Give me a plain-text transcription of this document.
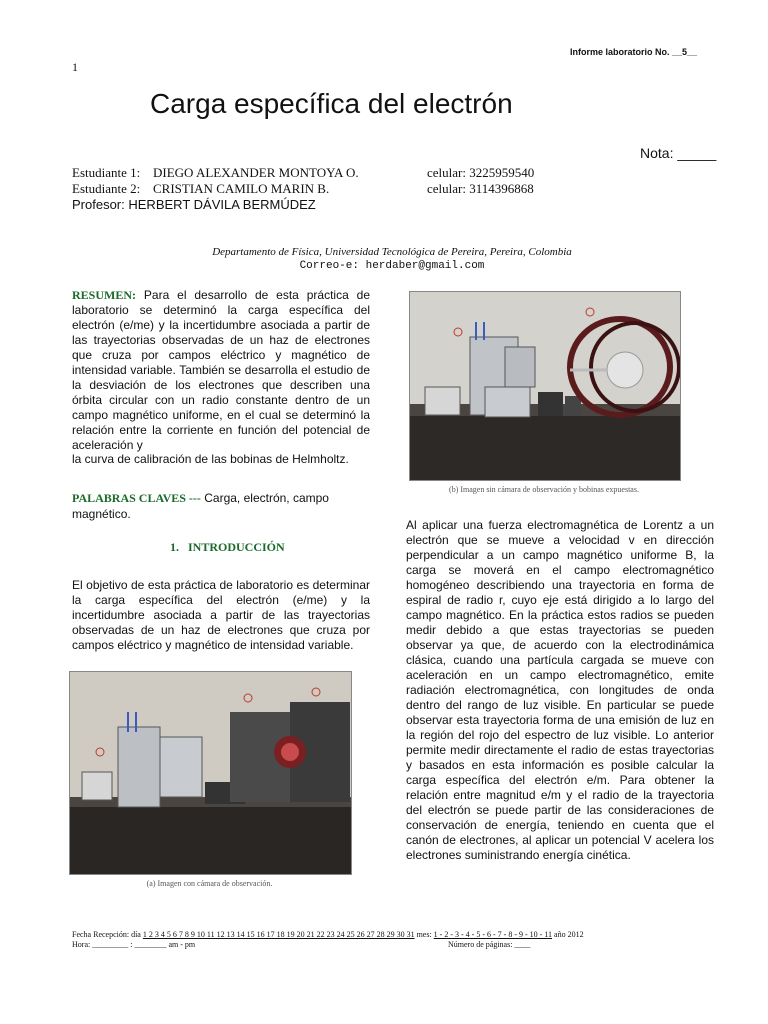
Informe laboratorio No. __5__
1
Carga específica del electrón
Nota: _____
Estudiante 1: DIEGO ALEXANDER MONTOYA O.	celular: 3225959540
Estudiante 2: CRISTIAN CAMILO MARIN B.	celular: 3114396868
Profesor: HERBERT DÁVILA BERMÚDEZ
Departamento de Física, Universidad Tecnológica de Pereira, Pereira, Colombia
Correo-e: herdaber@gmail.com
RESUMEN: Para el desarrollo de esta práctica de laboratorio se determinó la carga específica del electrón (e/me) y la incertidumbre asociada a partir de las trayectorias observadas de un haz de electrones que cruza por campos eléctrico y magnético de intensidad variable. También se desarrolla el estudio de la desviación de los electrones que describen una órbita circular con un radio constante dentro de un campo magnético uniforme, en el cual se determinó la relación entre la corriente en función del potencial de aceleración y
la curva de calibración de las bobinas de Helmholtz.
PALABRAS CLAVES --- Carga, electrón, campo magnético.
1. INTRODUCCIÓN
El objetivo de esta práctica de laboratorio es determinar la carga específica del electrón (e/me) y la incertidumbre asociada a partir de las trayectorias observadas de un haz de electrones que cruza por campos eléctrico y magnético de intensidad variable.
(a) Imagen con cámara de observación.
(b) Imagen sin cámara de observación y bobinas expuestas.
Al aplicar una fuerza electromagnética de Lorentz a un electrón que se mueve a velocidad v en dirección perpendicular a un campo magnético uniforme B, la carga se moverá en el campo electromagnético homogéneo describiendo una trayectoria en forma de espiral de radio r, cuyo eje está dirigido a lo largo del campo magnético. En la práctica estos radios se pueden medir debido a que estas trayectorias se pueden observar ya que, de acuerdo con la electrodinámica clásica, cuando una partícula cargada se mueve con aceleración en un campo electromagnético, emite radiación electromagnética, con longitudes de onda dentro del rango de luz visible. En particular se puede observar esta trayectoria forma de una emisión de luz en la región del rojo del espectro de luz visible. Lo anterior permite medir directamente el radio de estas trayectorias y basados en esta información es posible calcular la carga específica del electrón e/m. Para obtener la relación entre magnitud e/m y el radio de la trayectoria del electrón se puede partir de las consideraciones de conservación de energía, teniendo en cuenta que el canón de electrones, al aplicar un potencial V acelera los electrones suministrando energía cinética.
Fecha Recepción: día 1 2 3 4 5 6 7 8 9 10 11 12 13 14 15 16 17 18 19 20 21 22 23 24 25 26 27 28 29 30 31 mes: 1 - 2 - 3 - 4 - 5 - 6 - 7 - 8 - 9 - 10 - 11 año 2012
Hora: _________ : ________ am - pm	Número de páginas: ____
